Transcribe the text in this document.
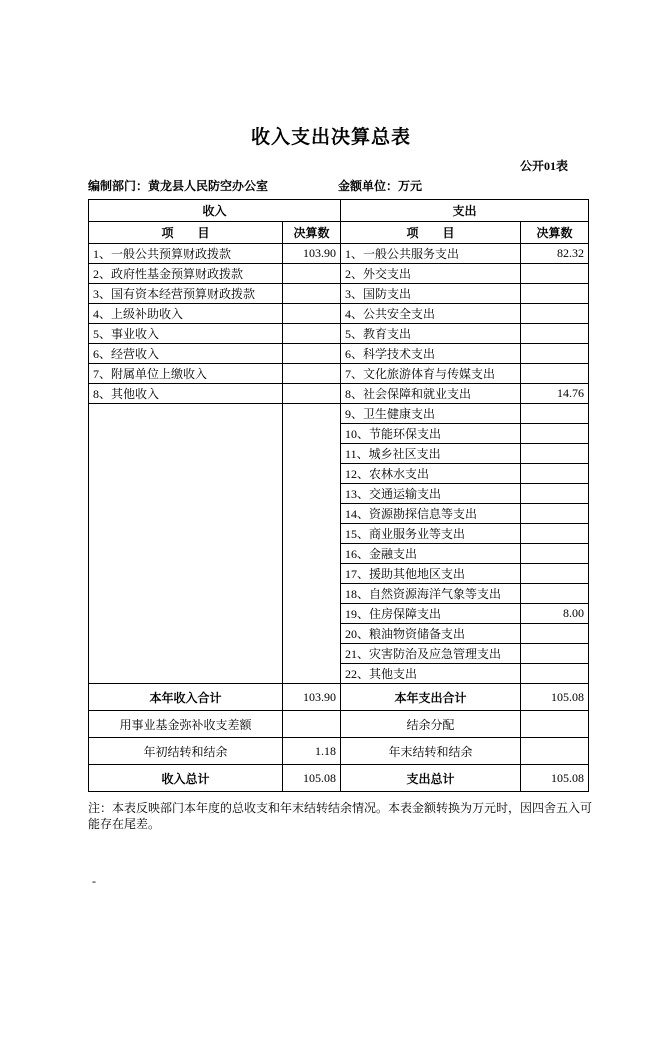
收入支出决算总表
公开01表
编制部门：黄龙县人民防空办公室	金额单位：万元
收入		支出	
项　　目	决算数	项　　目	决算数
1、一般公共预算财政拨款	103.90	1、一般公共服务支出	82.32
2、政府性基金预算财政拨款		2、外交支出	
3、国有资本经营预算财政拨款		3、国防支出	
4、上级补助收入		4、公共安全支出	
5、事业收入		5、教育支出	
6、经营收入		6、科学技术支出	
7、附属单位上缴收入		7、文化旅游体育与传媒支出	
8、其他收入		8、社会保障和就业支出	14.76
		9、卫生健康支出	
		10、节能环保支出	
		11、城乡社区支出	
		12、农林水支出	
		13、交通运输支出	
		14、资源勘探信息等支出	
		15、商业服务业等支出	
		16、金融支出	
		17、援助其他地区支出	
		18、自然资源海洋气象等支出	
		19、住房保障支出	8.00
		20、粮油物资储备支出	
		21、灾害防治及应急管理支出	
		22、其他支出	
本年收入合计	103.90	本年支出合计	105.08
用事业基金弥补收支差额		结余分配	
年初结转和结余	1.18	年末结转和结余	
收入总计	105.08	支出总计	105.08
注：本表反映部门本年度的总收支和年末结转结余情况。本表金额转换为万元时，因四舍五入可能存在尾差。
-
